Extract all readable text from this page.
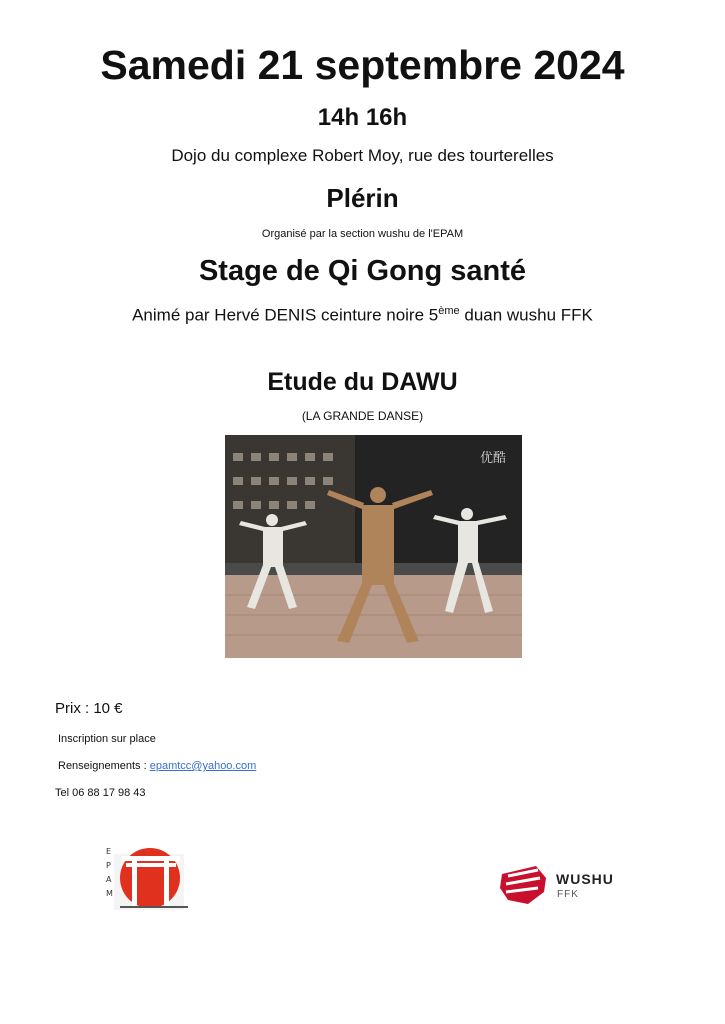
Samedi 21 septembre 2024
14h 16h
Dojo du complexe Robert Moy, rue des tourterelles
Plérin
Organisé par la section wushu de l'EPAM
Stage de Qi Gong santé
Animé par Hervé DENIS ceinture noire 5ème duan wushu FFK
Etude du DAWU
(LA GRANDE DANSE)
优酷
Prix : 10 €
Inscription sur place
Renseignements : epamtcc@yahoo.com
Tel 06 88 17 98 43
E
P
A
M
WUSHU
FFK
